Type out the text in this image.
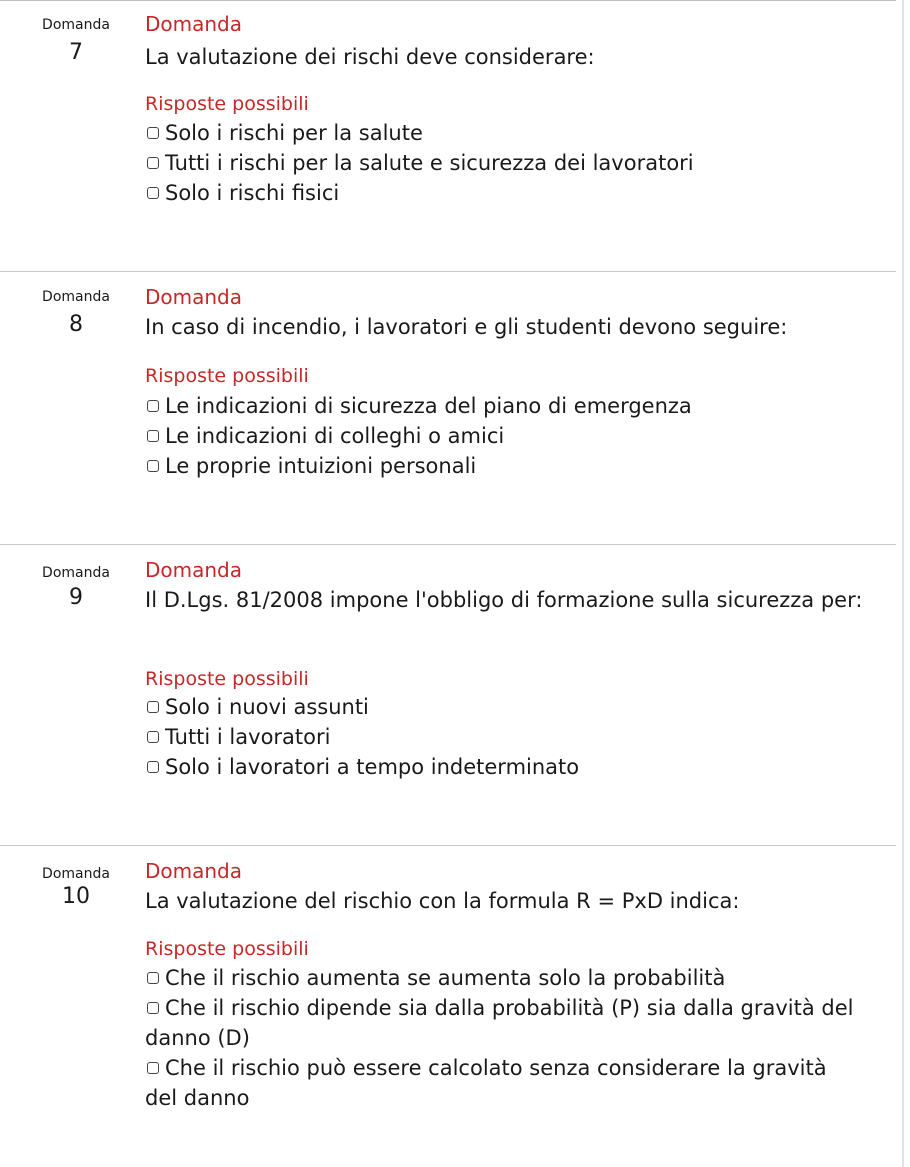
Domanda
7
Domanda
La valutazione dei rischi deve considerare:
Risposte possibili
Solo i rischi per la salute
Tutti i rischi per la salute e sicurezza dei lavoratori
Solo i rischi fisici
Domanda
8
Domanda
In caso di incendio, i lavoratori e gli studenti devono seguire:
Risposte possibili
Le indicazioni di sicurezza del piano di emergenza
Le indicazioni di colleghi o amici
Le proprie intuizioni personali
Domanda
9
Domanda
Il D.Lgs. 81/2008 impone l'obbligo di formazione sulla sicurezza per:
Risposte possibili
Solo i nuovi assunti
Tutti i lavoratori
Solo i lavoratori a tempo indeterminato
Domanda
10
Domanda
La valutazione del rischio con la formula R = PxD indica:
Risposte possibili
Che il rischio aumenta se aumenta solo la probabilità
Che il rischio dipende sia dalla probabilità (P) sia dalla gravità del danno (D)
Che il rischio può essere calcolato senza considerare la gravità del danno
